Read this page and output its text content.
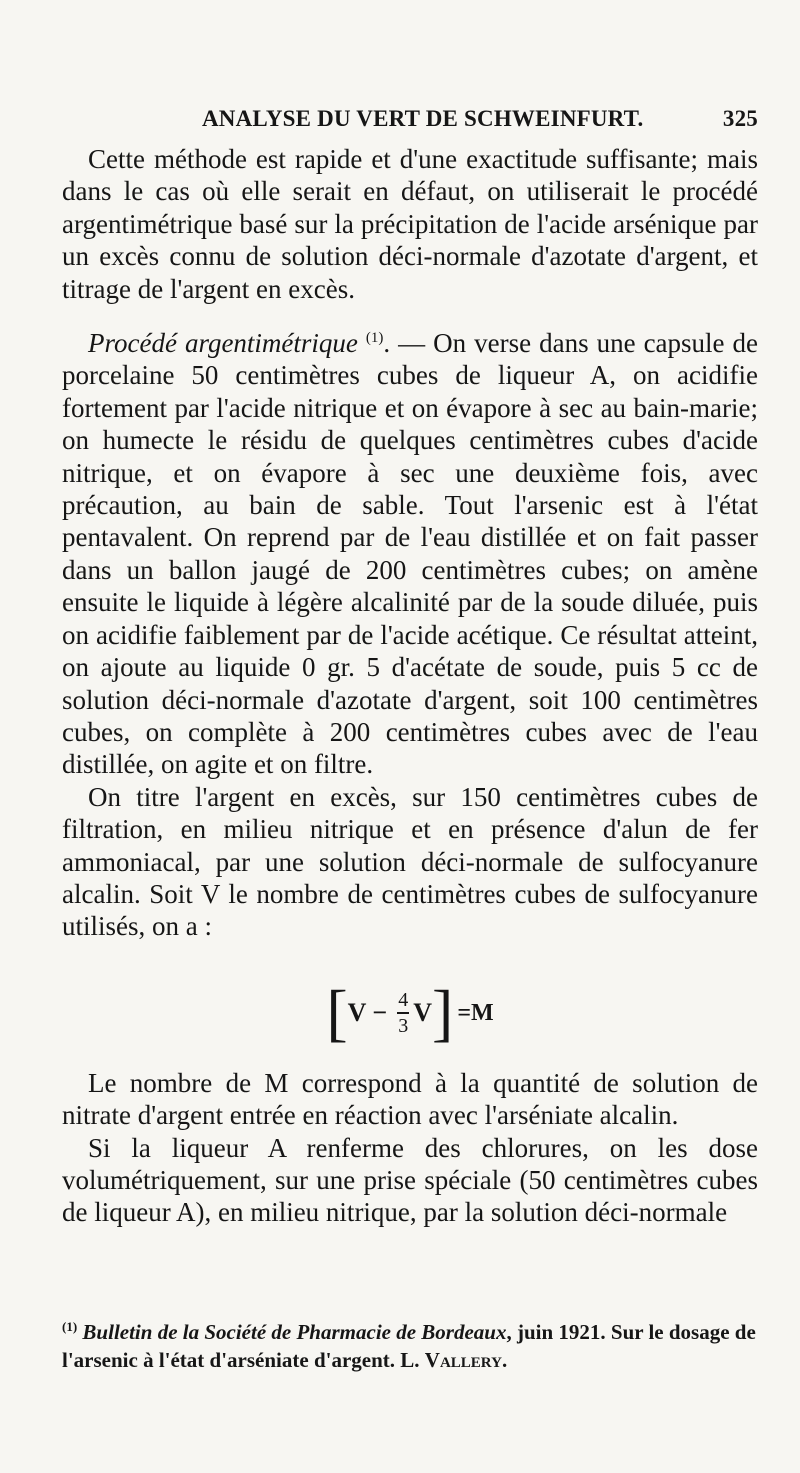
ANALYSE DU VERT DE SCHWEINFURT.	325

Cette méthode est rapide et d'une exactitude suffisante; mais dans le cas où elle serait en défaut, on utiliserait le procédé argentimétrique basé sur la précipitation de l'acide arsénique par un excès connu de solution déci-normale d'azotate d'argent, et titrage de l'argent en excès.

Procédé argentimétrique $^{(1)}$. — On verse dans une capsule de porcelaine 50 centimètres cubes de liqueur A, on acidifie fortement par l'acide nitrique et on évapore à sec au bain-marie; on humecte le résidu de quelques centimètres cubes d'acide nitrique, et on évapore à sec une deuxième fois, avec précaution, au bain de sable. Tout l'arsenic est à l'état pentavalent. On reprend par de l'eau distillée et on fait passer dans un ballon jaugé de 200 centimètres cubes; on amène ensuite le liquide à légère alcalinité par de la soude diluée, puis on acidifie faiblement par de l'acide acétique. Ce résultat atteint, on ajoute au liquide 0 gr. 5 d'acétate de soude, puis 5 cc de solution déci-normale d'azotate d'argent, soit 100 centimètres cubes, on complète à 200 centimètres cubes avec de l'eau distillée, on agite et on filtre.

On titre l'argent en excès, sur 150 centimètres cubes de filtration, en milieu nitrique et en présence d'alun de fer ammoniacal, par une solution déci-normale de sulfocyanure alcalin. Soit V le nombre de centimètres cubes de sulfocyanure utilisés, on a :

[ $V - \frac{4}{3}$ V ] =M

Le nombre de M correspond à la quantité de solution de nitrate d'argent entrée en réaction avec l'arséniate alcalin.

Si la liqueur A renferme des chlorures, on les dose volumétriquement, sur une prise spéciale (50 centimètres cubes de liqueur A), en milieu nitrique, par la solution déci-normale

$^{(1)}$ Bulletin de la Société de Pharmacie de Bordeaux, juin 1921. Sur le dosage de l'arsenic à l'état d'arséniate d'argent. L. Vallery.
